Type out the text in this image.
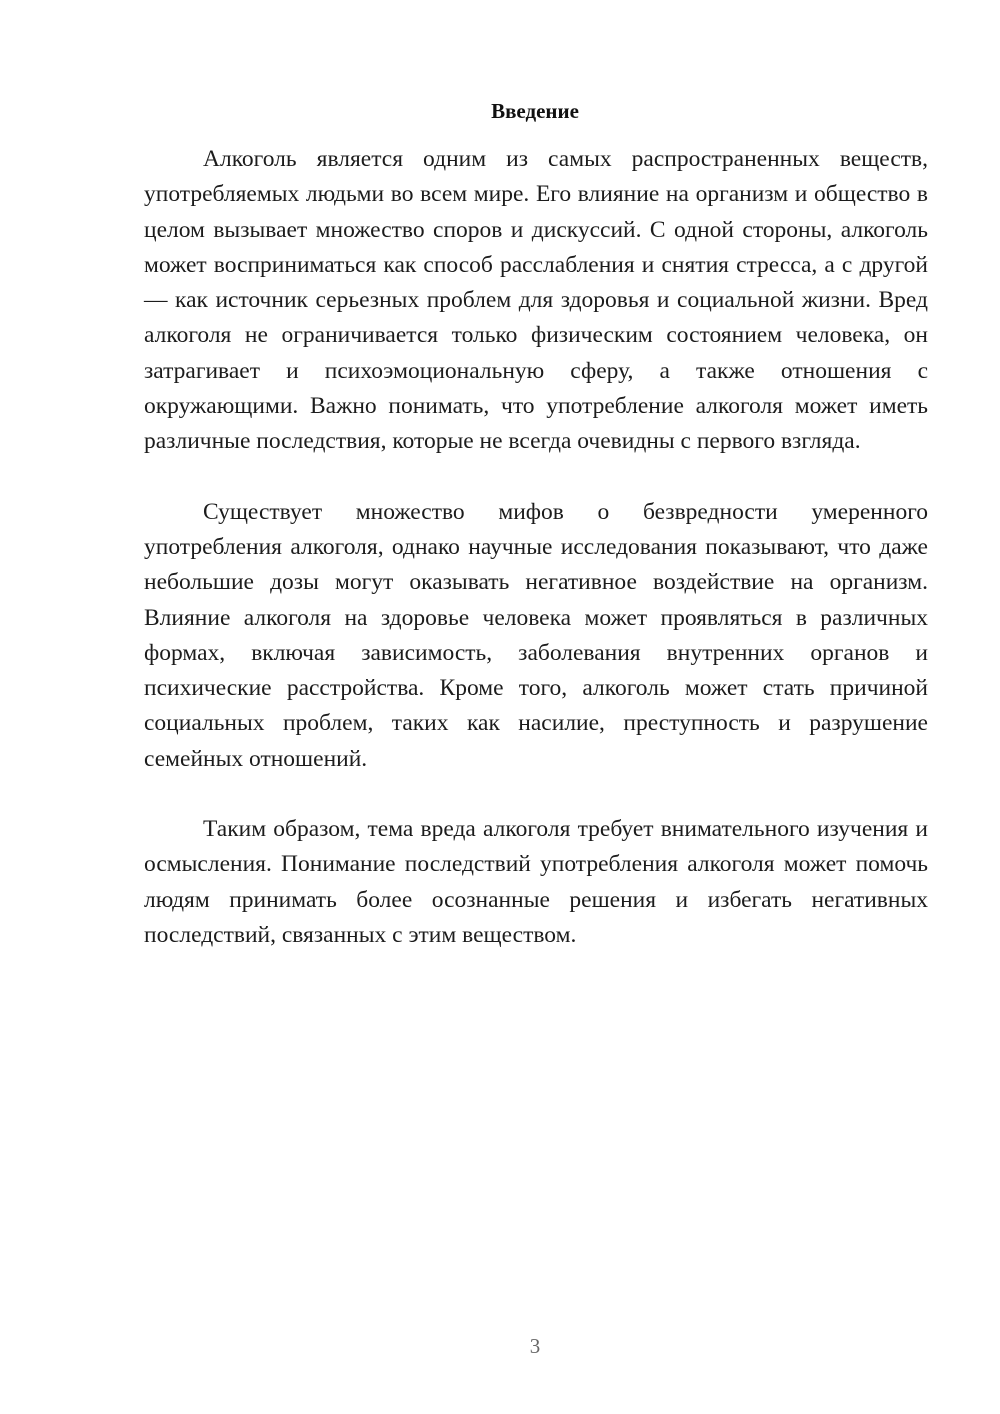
Введение

Алкоголь является одним из самых распространенных веществ, употребляемых людьми во всем мире. Его влияние на организм и общество в целом вызывает множество споров и дискуссий. С одной стороны, алкоголь может восприниматься как способ расслабления и снятия стресса, а с другой — как источник серьезных проблем для здоровья и социальной жизни. Вред алкоголя не ограничивается только физическим состоянием человека, он затрагивает и психоэмоциональную сферу, а также отношения с окружающими. Важно понимать, что употребление алкоголя может иметь различные последствия, которые не всегда очевидны с первого взгляда.

Существует множество мифов о безвредности умеренного употребления алкоголя, однако научные исследования показывают, что даже небольшие дозы могут оказывать негативное воздействие на организм. Влияние алкоголя на здоровье человека может проявляться в различных формах, включая зависимость, заболевания внутренних органов и психические расстройства. Кроме того, алкоголь может стать причиной социальных проблем, таких как насилие, преступность и разрушение семейных отношений.

Таким образом, тема вреда алкоголя требует внимательного изучения и осмысления. Понимание последствий употребления алкоголя может помочь людям принимать более осознанные решения и избегать негативных последствий, связанных с этим веществом.

3
